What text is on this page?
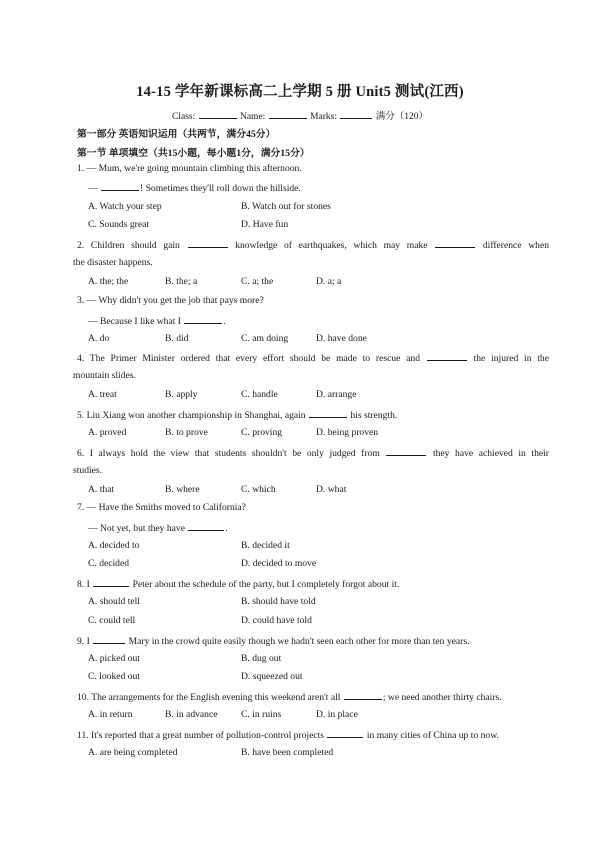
14-15 学年新课标高二上学期 5 册 Unit5 测试(江西)
Class:	Name:	Marks:	满分（120）
第一部分 英语知识运用（共两节，满分45分）
第一节 单项填空（共15小题，每小题1分，满分15分）
1. — Mum, we're going mountain climbing this afternoon.
—	! Sometimes they'll roll down the hillside.
A. Watch your step	B. Watch out for stones
C. Sounds great	D. Have fun
2. Children should gain	knowledge of earthquakes, which may make	difference when
the disaster happens.
A. the; the	B. the; a	C. a; the	D. a; a
3. — Why didn't you get the job that pays more?
— Because I like what I	.
A. do	B. did	C. am doing	D. have done
4. The Primer Minister ordered that every effort should be made to rescue and	the injured in the
mountain slides.
A. treat	B. apply	C. handle	D. arrange
5. Liu Xiang won another championship in Shanghai, again	his strength.
A. proved	B. to prove	C. proving	D. being proven
6. I always hold the view that students shouldn't be only judged from	they have achieved in their
studies.
A. that	B. where	C. which	D. what
7. — Have the Smiths moved to California?
— Not yet, but they have	.
A. decided to	B. decided it
C. decided	D. decided to move
8. I	Peter about the schedule of the party, but I completely forgot about it.
A. should tell	B. should have told
C. could tell	D. could have told
9. I	Mary in the crowd quite easily though we hadn't seen each other for more than ten years.
A. picked out	B. dug out
C. looked out	D. squeezed out
10. The arrangements for the English evening this weekend aren't all	; we need another thirty chairs.
A. in return	B. in advance C. in ruins	D. in place
11. It's reported that a great number of pollution-control projects	in many cities of China up to now.
A. are being completed	B. have been completed
